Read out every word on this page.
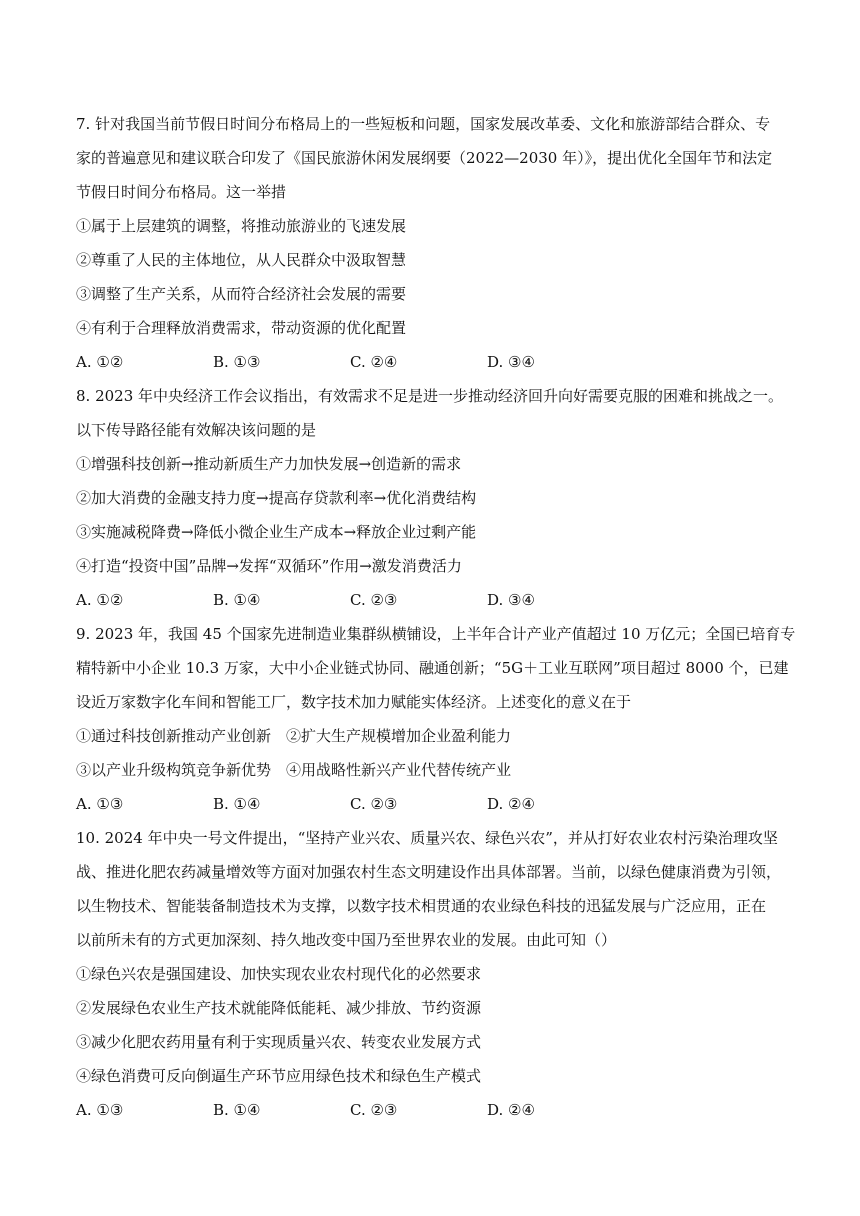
7. 针对我国当前节假日时间分布格局上的一些短板和问题，国家发展改革委、文化和旅游部结合群众、专
家的普遍意见和建议联合印发了《国民旅游休闲发展纲要（2022—2030 年）》，提出优化全国年节和法定
节假日时间分布格局。这一举措
①属于上层建筑的调整，将推动旅游业的飞速发展
②尊重了人民的主体地位，从人民群众中汲取智慧
③调整了生产关系，从而符合经济社会发展的需要
④有利于合理释放消费需求，带动资源的优化配置
A. ①②	B. ①③	C. ②④	D. ③④
8. 2023 年中央经济工作会议指出，有效需求不足是进一步推动经济回升向好需要克服的困难和挑战之一。
以下传导路径能有效解决该问题的是
①增强科技创新→推动新质生产力加快发展→创造新的需求
②加大消费的金融支持力度→提高存贷款利率→优化消费结构
③实施减税降费→降低小微企业生产成本→释放企业过剩产能
④打造“投资中国”品牌→发挥“双循环”作用→激发消费活力
A. ①②	B. ①④	C. ②③	D. ③④
9. 2023 年，我国 45 个国家先进制造业集群纵横铺设，上半年合计产业产值超过 10 万亿元；全国已培育专
精特新中小企业 10.3 万家，大中小企业链式协同、融通创新；“5G＋工业互联网”项目超过 8000 个，已建
设近万家数字化车间和智能工厂，数字技术加力赋能实体经济。上述变化的意义在于
①通过科技创新推动产业创新　②扩大生产规模增加企业盈利能力
③以产业升级构筑竞争新优势　④用战略性新兴产业代替传统产业
A. ①③	B. ①④	C. ②③	D. ②④
10. 2024 年中央一号文件提出，“坚持产业兴农、质量兴农、绿色兴农”，并从打好农业农村污染治理攻坚
战、推进化肥农药减量增效等方面对加强农村生态文明建设作出具体部署。当前，以绿色健康消费为引领，
以生物技术、智能装备制造技术为支撑，以数字技术相贯通的农业绿色科技的迅猛发展与广泛应用，正在
以前所未有的方式更加深刻、持久地改变中国乃至世界农业的发展。由此可知（）
①绿色兴农是强国建设、加快实现农业农村现代化的必然要求
②发展绿色农业生产技术就能降低能耗、减少排放、节约资源
③减少化肥农药用量有利于实现质量兴农、转变农业发展方式
④绿色消费可反向倒逼生产环节应用绿色技术和绿色生产模式
A. ①③	B. ①④	C. ②③	D. ②④
